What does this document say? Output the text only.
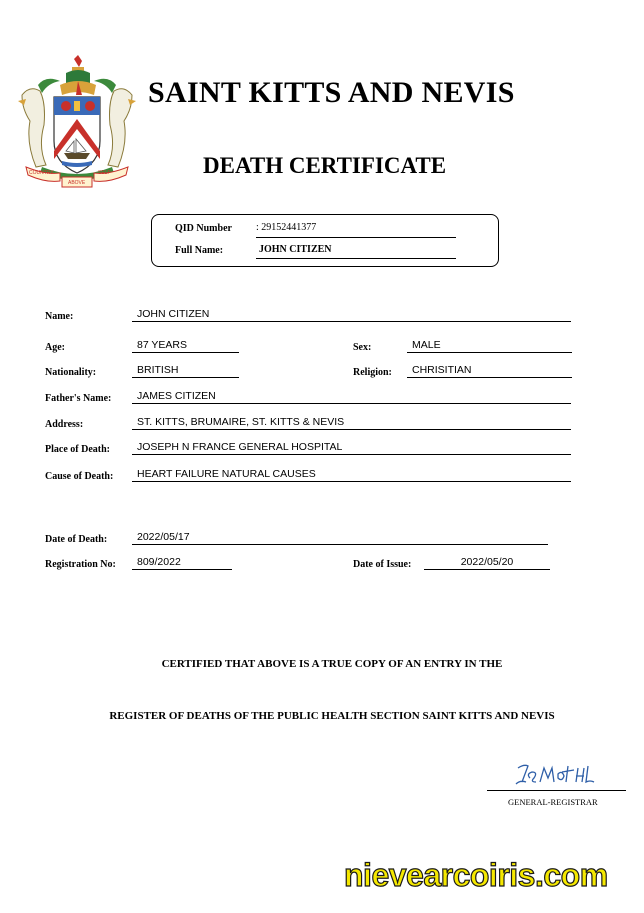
COUNTRY
ABOVE
SELF
SAINT KITTS AND NEVIS
DEATH CERTIFICATE
QID Number : 29152441377
Full Name:	JOHN CITIZEN
Name:	JOHN CITIZEN
Age:	87 YEARS	Sex:	MALE
Nationality:	BRITISH	Religion:	CHRISITIAN
Father's Name:	JAMES CITIZEN
Address:	ST. KITTS, BRUMAIRE, ST. KITTS & NEVIS
Place of Death:	JOSEPH N FRANCE GENERAL HOSPITAL
Cause of Death:	HEART FAILURE NATURAL CAUSES
Date of Death:	2022/05/17
Registration No:	809/2022	Date of Issue:	2022/05/20
CERTIFIED THAT ABOVE IS A TRUE COPY OF AN ENTRY IN THE
REGISTER OF DEATHS OF THE PUBLIC HEALTH SECTION SAINT KITTS AND NEVIS
GENERAL-REGISTRAR
nievearcoiris.com
